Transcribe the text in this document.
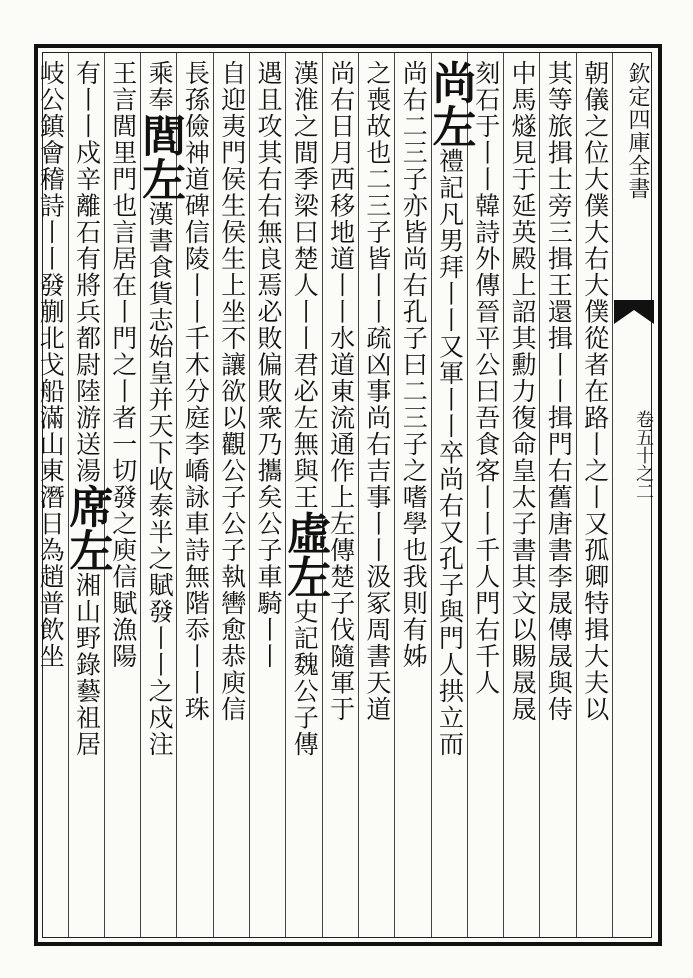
欽定四庫全書
卷五十之二
朝儀之位大僕大右大僕從者在路丨之丨又孤卿特揖大夫以
其等旅揖士旁三揖王還揖丨丨揖門右舊唐書李晟傳晟與侍
中馬燧見于延英殿上詔其勳力復命皇太子書其文以賜晟晟
刻石于丨丨韓詩外傳晉平公曰吾食客丨丨千人門右千人
尚左禮記凡男拜丨丨又軍丨丨卒尚右又孔子與門人拱立而
尚右二三子亦皆尚右孔子曰二三子之嗜學也我則有姊
之喪故也二三子皆丨丨疏凶事尚右吉事丨丨汲冢周書天道
尚右日月西移地道丨丨水道東流通作上左傳楚子伐隨軍于
漢淮之間季梁曰楚人丨丨君必左無與王虛左史記魏公子傳
遇且攻其右右無良焉必敗偏敗衆乃攜矣公子車騎丨丨
自迎夷門侯生侯生上坐不讓欲以觀公子公子執轡愈恭庾信
長孫儉神道碑信陵丨丨千木分庭李嶠詠車詩無階忝丨丨珠
乘奉閭左漢書食貨志始皇并天下收泰半之賦發丨丨之戍注
王言閭里門也言居在丨門之丨者一切發之庾信賦漁陽
有丨丨戍辛離石有將兵都尉陸游送湯席左湘山野錄藝祖居
岐公鎮會稽詩丨丨發蒯北戈船滿山東潛日為趙普飲坐
